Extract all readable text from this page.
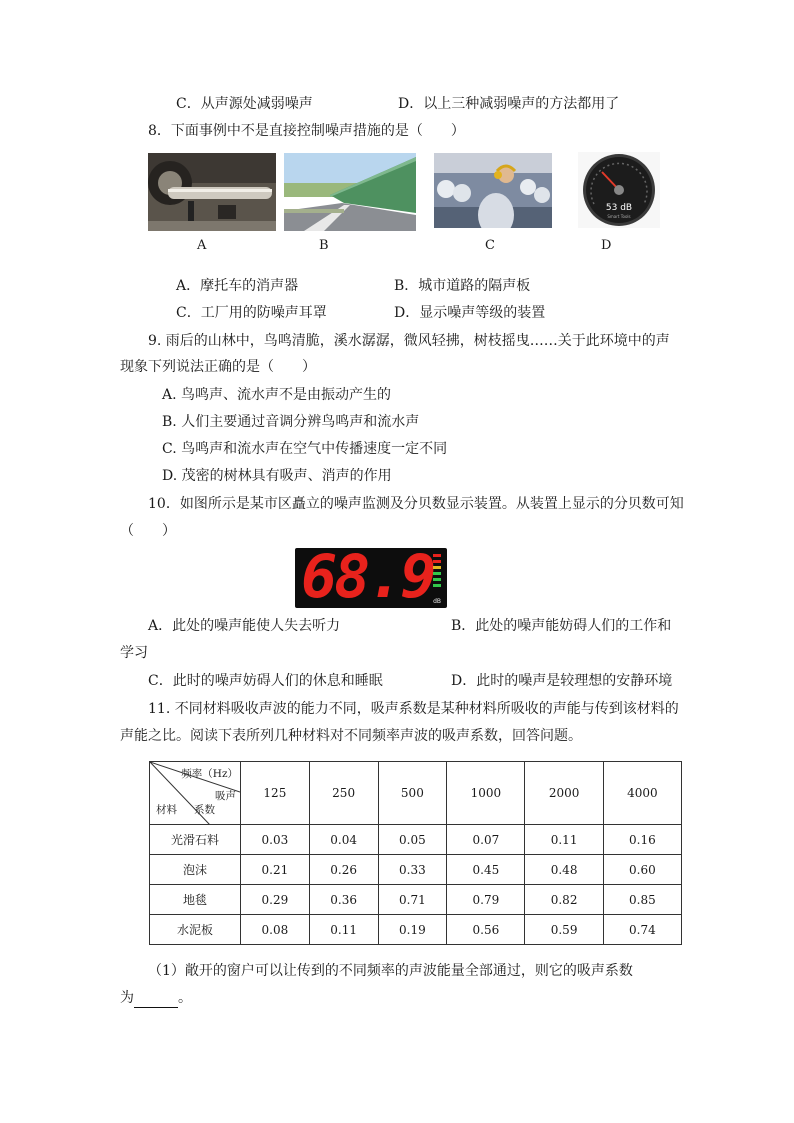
C．从声源处减弱噪声	D．以上三种减弱噪声的方法都用了
8．下面事例中不是直接控制噪声措施的是（　　）
53 dB
Smart Tools
A	B	C	D
A．摩托车的消声器	B．城市道路的隔声板
C．工厂用的防噪声耳罩	D．显示噪声等级的装置
9. 雨后的山林中，鸟鸣清脆，溪水潺潺，微风轻拂，树枝摇曳……关于此环境中的声
现象下列说法正确的是（　　）
A. 鸟鸣声、流水声不是由振动产生的
B. 人们主要通过音调分辨鸟鸣声和流水声
C. 鸟鸣声和流水声在空气中传播速度一定不同
D. 茂密的树林具有吸声、消声的作用
10．如图所示是某市区矗立的噪声监测及分贝数显示装置。从装置上显示的分贝数可知
（　　）
68.9 dB
A．此处的噪声能使人失去听力	B．此处的噪声能妨碍人们的工作和
学习
C．此时的噪声妨碍人们的休息和睡眠	D．此时的噪声是较理想的安静环境
11. 不同材料吸收声波的能力不同，吸声系数是某种材料所吸收的声能与传到该材料的
声能之比。阅读下表所列几种材料对不同频率声波的吸声系数，回答问题。
频率（Hz）
吸声
系数
材料	125	250	500	1000	2000	4000
光滑石料	0.03	0.04	0.05	0.07	0.11	0.16
泡沫	0.21	0.26	0.33	0.45	0.48	0.60
地毯	0.29	0.36	0.71	0.79	0.82	0.85
水泥板	0.08	0.11	0.19	0.56	0.59	0.74
（1）敞开的窗户可以让传到的不同频率的声波能量全部通过，则它的吸声系数
为	。
